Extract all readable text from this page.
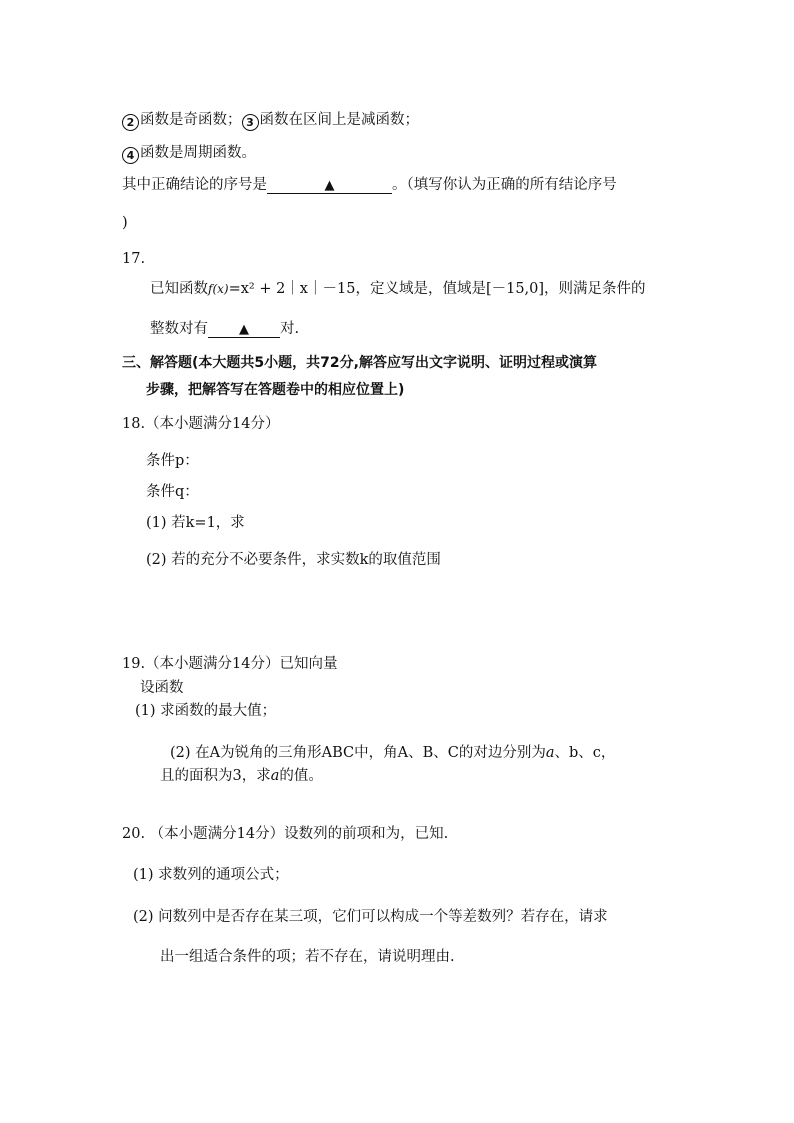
2 函数是奇函数； 3 函数在区间上是减函数；
4 函数是周期函数。
其中正确结论的序号是	▲	。（填写你认为正确的所有结论序号
)
17.
已知函数f(x)=x² + 2｜x｜－15，定义域是，值域是[－15,0]，则满足条件的
整数对有 ▲ 对.
三、解答题(本大题共5小题，共72分,解答应写出文字说明、证明过程或演算
步骤，把解答写在答题卷中的相应位置上)
18.（本小题满分14分）
条件p：
条件q：
(1) 若k=1，求
(2) 若的充分不必要条件，求实数k的取值范围
19.（本小题满分14分）已知向量
设函数
(1) 求函数的最大值；
(2) 在A为锐角的三角形ABC中，角A、B、C的对边分别为a、b、c，
且的面积为3，求a的值。
20. （本小题满分14分）设数列的前项和为，已知.
(1) 求数列的通项公式；
(2) 问数列中是否存在某三项，它们可以构成一个等差数列？若存在，请求
出一组适合条件的项；若不存在，请说明理由.
